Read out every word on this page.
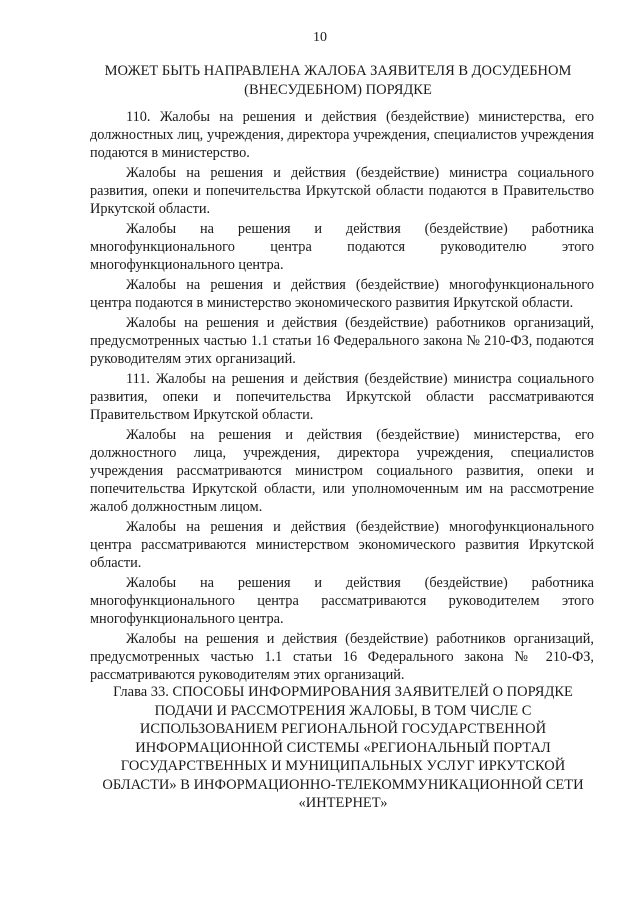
10
МОЖЕТ БЫТЬ НАПРАВЛЕНА ЖАЛОБА ЗАЯВИТЕЛЯ В ДОСУДЕБНОМ (ВНЕСУДЕБНОМ) ПОРЯДКЕ

110. Жалобы на решения и действия (бездействие) министерства, его должностных лиц, учреждения, директора учреждения, специалистов учреждения подаются в министерство.

Жалобы на решения и действия (бездействие) министра социального развития, опеки и попечительства Иркутской области подаются в Правительство Иркутской области.

Жалобы на решения и действия (бездействие) работника многофункционального центра подаются руководителю этого многофункционального центра.

Жалобы на решения и действия (бездействие) многофункционального центра подаются в министерство экономического развития Иркутской области.

Жалобы на решения и действия (бездействие) работников организаций, предусмотренных частью 1.1 статьи 16 Федерального закона № 210-ФЗ, подаются руководителям этих организаций.

111. Жалобы на решения и действия (бездействие) министра социального развития, опеки и попечительства Иркутской области рассматриваются Правительством Иркутской области.

Жалобы на решения и действия (бездействие) министерства, его должностного лица, учреждения, директора учреждения, специалистов учреждения рассматриваются министром социального развития, опеки и попечительства Иркутской области, или уполномоченным им на рассмотрение жалоб должностным лицом.

Жалобы на решения и действия (бездействие) многофункционального центра рассматриваются министерством экономического развития Иркутской области.

Жалобы на решения и действия (бездействие) работника многофункционального центра рассматриваются руководителем этого многофункционального центра.

Жалобы на решения и действия (бездействие) работников организаций, предусмотренных частью 1.1 статьи 16 Федерального закона № 210-ФЗ, рассматриваются руководителям этих организаций.

Глава 33. СПОСОБЫ ИНФОРМИРОВАНИЯ ЗАЯВИТЕЛЕЙ О ПОРЯДКЕ ПОДАЧИ И РАССМОТРЕНИЯ ЖАЛОБЫ, В ТОМ ЧИСЛЕ С ИСПОЛЬЗОВАНИЕМ РЕГИОНАЛЬНОЙ ГОСУДАРСТВЕННОЙ ИНФОРМАЦИОННОЙ СИСТЕМЫ «РЕГИОНАЛЬНЫЙ ПОРТАЛ ГОСУДАРСТВЕННЫХ И МУНИЦИПАЛЬНЫХ УСЛУГ ИРКУТСКОЙ ОБЛАСТИ» В ИНФОРМАЦИОННО-ТЕЛЕКОММУНИКАЦИОННОЙ СЕТИ «ИНТЕРНЕТ»
